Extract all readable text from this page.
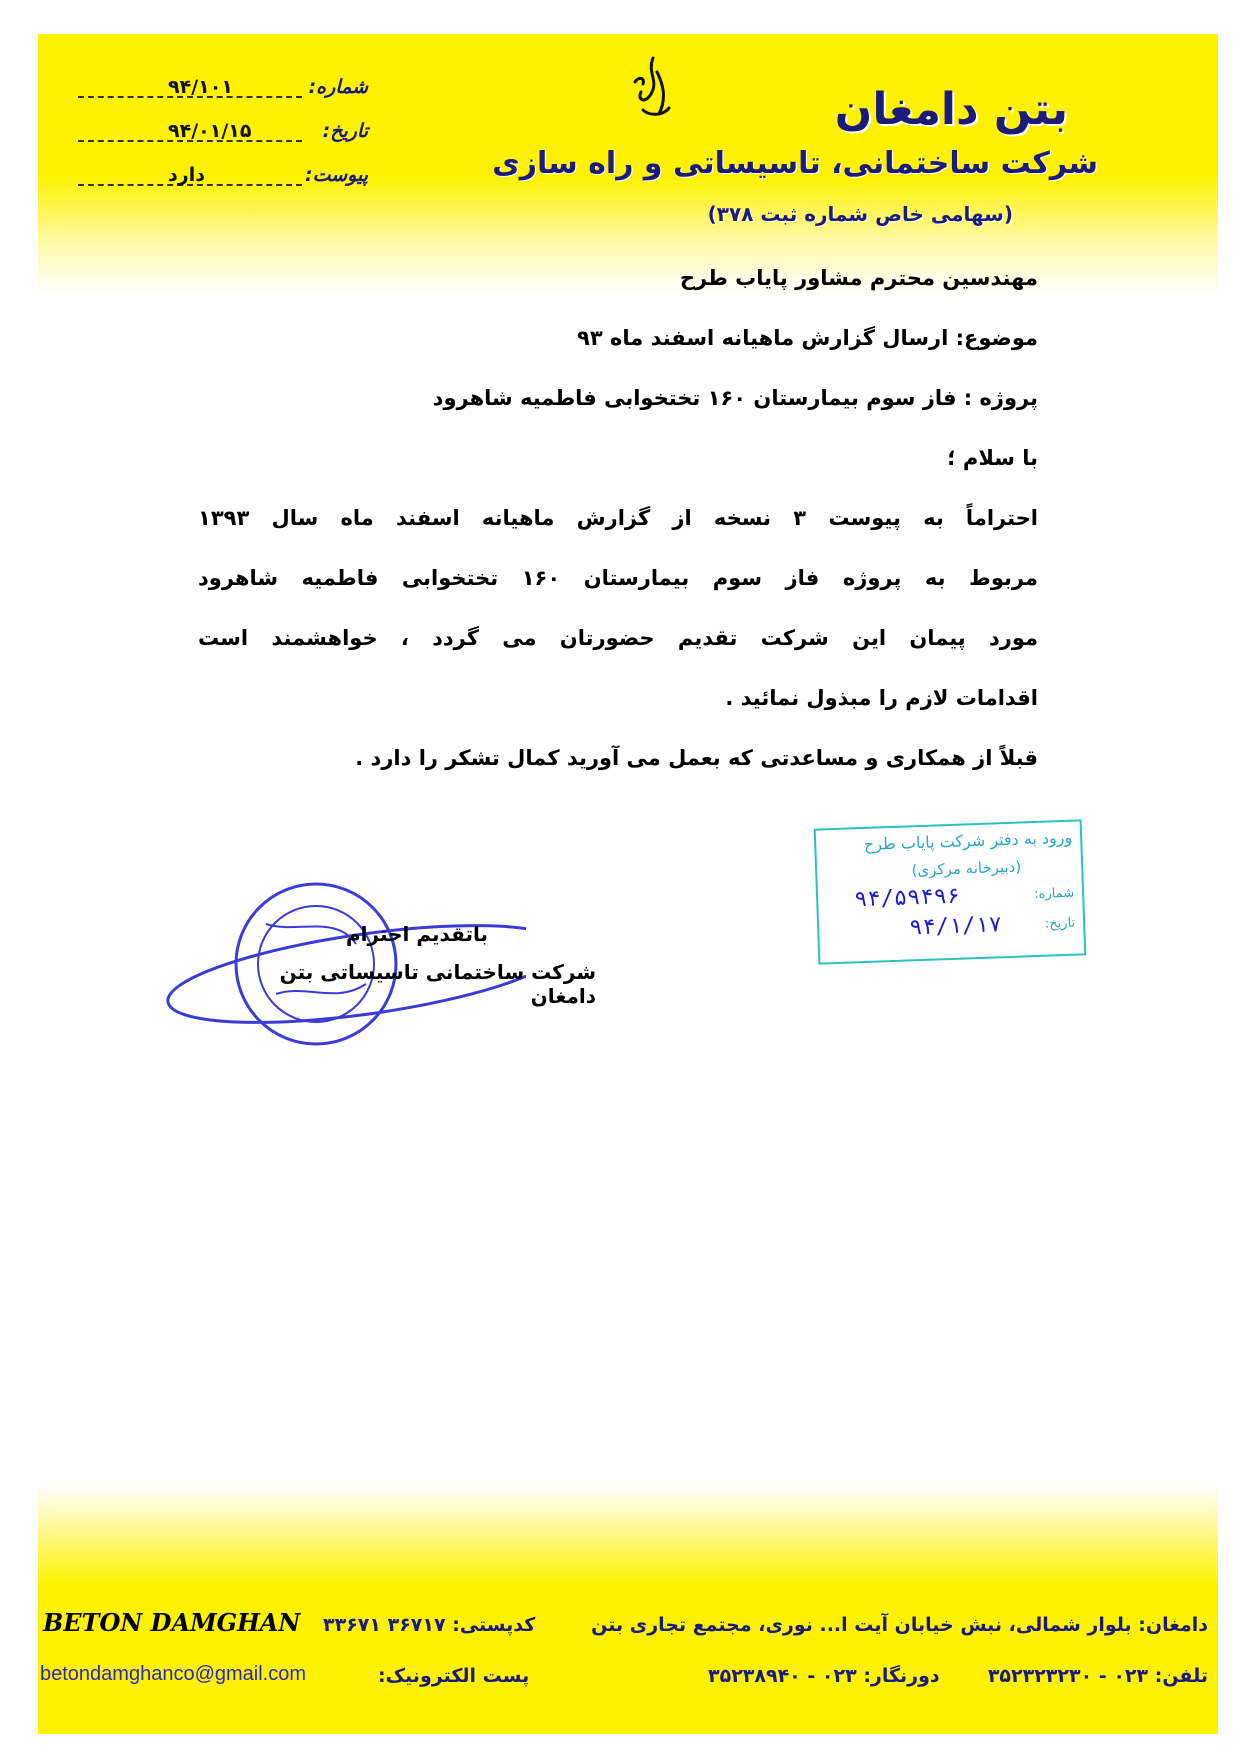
بتن دامغان
شرکت ساختمانی، تاسیساتی و راه سازی
(سهامی خاص شماره ثبت ۳۷۸)
شماره:
۹۴/۱۰۱
تاریخ:
۹۴/۰۱/۱۵
پیوست:
دارد
مهندسین محترم مشاور پایاب طرح
موضوع: ارسال گزارش ماهیانه اسفند ماه ۹۳
پروژه : فاز سوم بیمارستان ۱۶۰ تختخوابی فاطمیه شاهرود
با سلام ؛
احتراماً به پیوست ۳ نسخه از گزارش ماهیانه اسفند ماه سال ۱۳۹۳
مربوط به پروژه فاز سوم بیمارستان ۱۶۰ تختخوابی فاطمیه شاهرود
مورد پیمان این شرکت تقدیم حضورتان می گردد ، خواهشمند است
اقدامات لازم را مبذول نمائید .
قبلاً از همکاری و مساعدتی که بعمل می آورید کمال تشکر را دارد .
باتقدیم احترام
شرکت ساختمانی تاسیساتی بتن دامغان
ورود به دفتر شرکت پایاب طرح
(دبیرخانه مرکزی)
شماره:
تاریخ:
۹۴/۵۹۴۹۶
۹۴/۱/۱۷
BETON DAMGHAN	دامغان: بلوار شمالی، نبش خیابان آیت ا... نوری، مجتمع تجاری بتن
کدپستی: ۳۶۷۱۷ ۳۳۶۷۱
تلفن: ۰۲۳ - ۳۵۲۳۲۳۲۳۰
دورنگار: ۰۲۳ - ۳۵۲۳۸۹۴۰
پست الکترونیک:
betondamghanco@gmail.com
